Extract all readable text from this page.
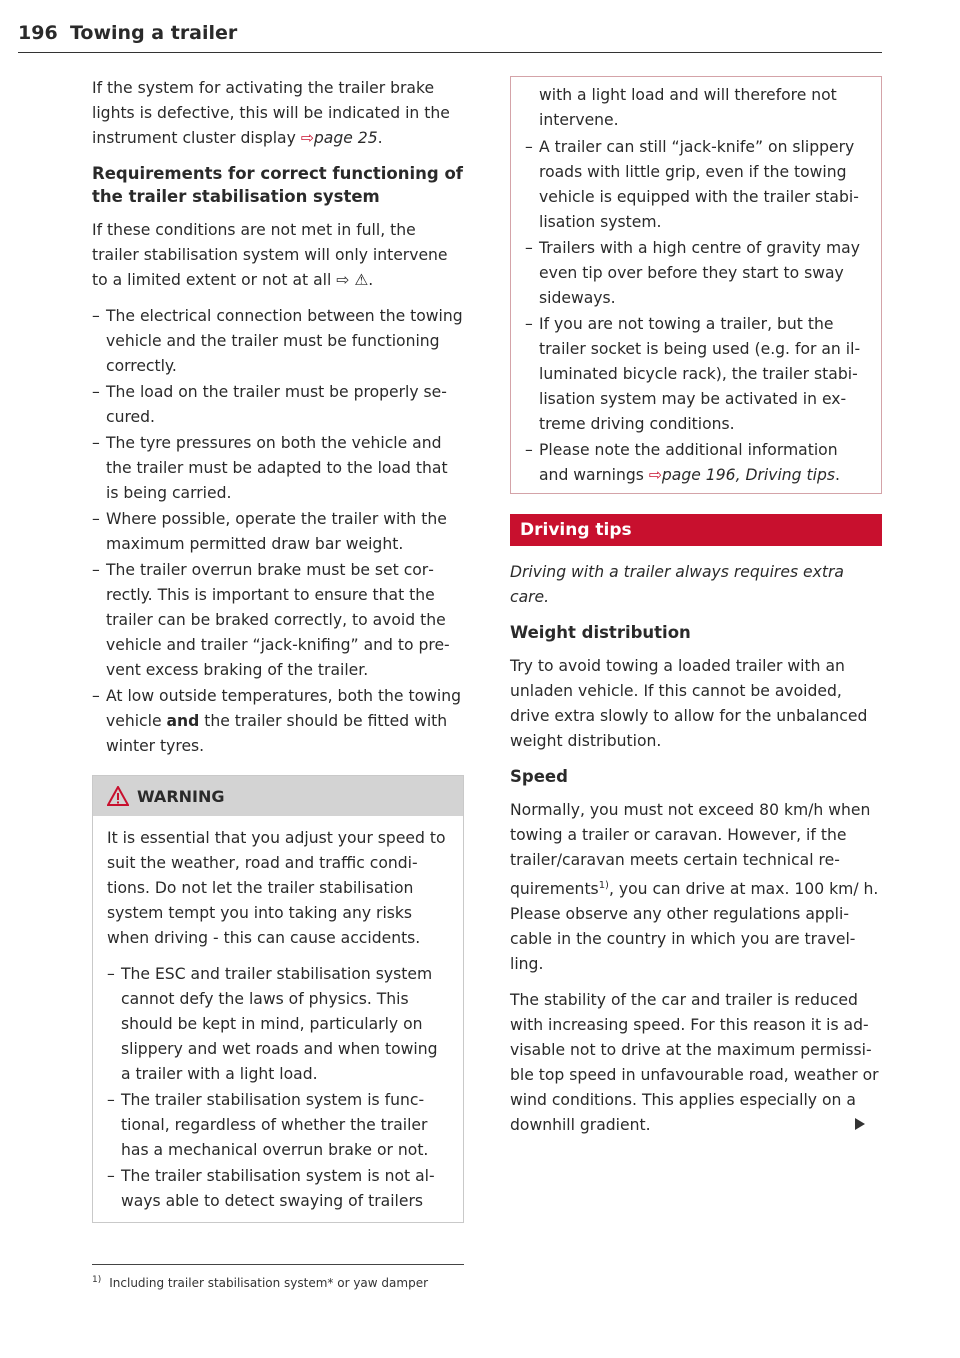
196 Towing a trailer

If the system for activating the trailer brake lights is defective, this will be indicated in the instrument cluster display ⇨page 25.

Requirements for correct functioning of the trailer stabilisation system

If these conditions are not met in full, the trailer stabilisation system will only intervene to a limited extent or not at all ⇨ ⚠.

– The electrical connection between the towing vehicle and the trailer must be functioning correctly.
– The load on the trailer must be properly secured.
– The tyre pressures on both the vehicle and the trailer must be adapted to the load that is being carried.
– Where possible, operate the trailer with the maximum permitted draw bar weight.
– The trailer overrun brake must be set correctly. This is important to ensure that the trailer can be braked correctly, to avoid the vehicle and trailer “jack-knifing” and to prevent excess braking of the trailer.
– At low outside temperatures, both the towing vehicle and the trailer should be fitted with winter tyres.
WARNING

It is essential that you adjust your speed to suit the weather, road and traffic conditions. Do not let the trailer stabilisation system tempt you into taking any risks when driving - this can cause accidents.

– The ESC and trailer stabilisation system cannot defy the laws of physics. This should be kept in mind, particularly on slippery and wet roads and when towing a trailer with a light load.
– The trailer stabilisation system is functional, regardless of whether the trailer has a mechanical overrun brake or not.
– The trailer stabilisation system is not always able to detect swaying of trailers
$^{1)}$ Including trailer stabilisation system* or yaw damper

with a light load and will therefore not intervene.

– A trailer can still “jack-knife” on slippery roads with little grip, even if the towing vehicle is equipped with the trailer stabilisation system.
– Trailers with a high centre of gravity may even tip over before they start to sway sideways.
– If you are not towing a trailer, but the trailer socket is being used (e.g. for an illuminated bicycle rack), the trailer stabilisation system may be activated in extreme driving conditions.
– Please note the additional information and warnings ⇨page 196, Driving tips.
Driving tips

Driving with a trailer always requires extra care.

Weight distribution

Try to avoid towing a loaded trailer with an unladen vehicle. If this cannot be avoided, drive extra slowly to allow for the unbalanced weight distribution.

Speed

Normally, you must not exceed 80 km/h when towing a trailer or caravan. However, if the trailer/caravan meets certain technical requirements$^{1)}$, you can drive at max. 100 km/ h. Please observe any other regulations applicable in the country in which you are travelling.

The stability of the car and trailer is reduced with increasing speed. For this reason it is advisable not to drive at the maximum permissible top speed in unfavourable road, weather or wind conditions. This applies especially on a downhill gradient.
